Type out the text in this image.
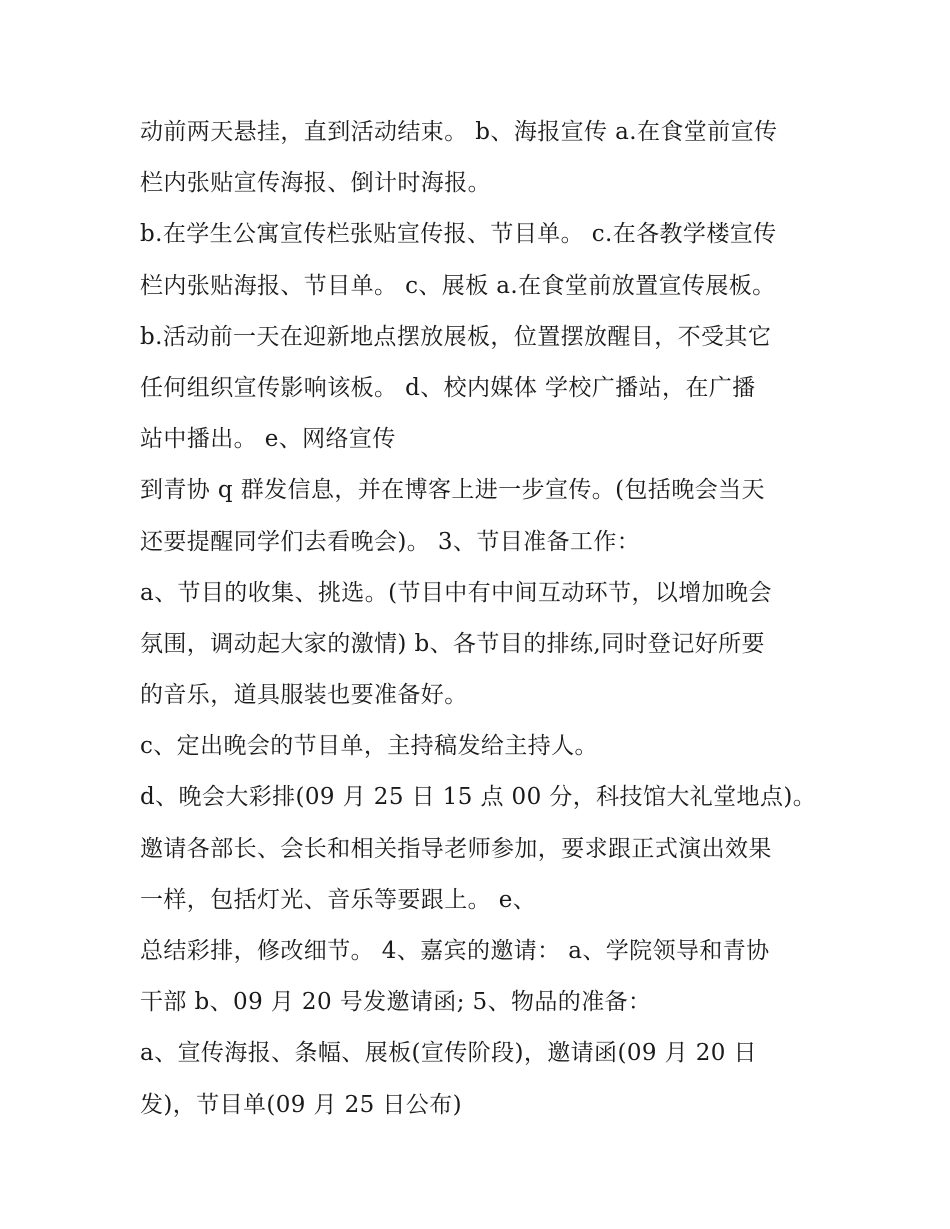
动前两天悬挂，直到活动结束。 b、海报宣传 a.在食堂前宣传
栏内张贴宣传海报、倒计时海报。
b.在学生公寓宣传栏张贴宣传报、节目单。 c.在各教学楼宣传
栏内张贴海报、节目单。 c、展板 a.在食堂前放置宣传展板。
b.活动前一天在迎新地点摆放展板，位置摆放醒目，不受其它
任何组织宣传影响该板。 d、校内媒体 学校广播站，在广播
站中播出。 e、网络宣传
到青协 q 群发信息，并在博客上进一步宣传。(包括晚会当天
还要提醒同学们去看晚会)。 3、节目准备工作：
a、节目的收集、挑选。(节目中有中间互动环节，以增加晚会
氛围，调动起大家的激情) b、各节目的排练,同时登记好所要
的音乐，道具服装也要准备好。
c、定出晚会的节目单，主持稿发给主持人。
d、晚会大彩排(09 月 25 日 15 点 00 分，科技馆大礼堂地点)。
邀请各部长、会长和相关指导老师参加，要求跟正式演出效果
一样，包括灯光、音乐等要跟上。 e、
总结彩排，修改细节。 4、嘉宾的邀请： a、学院领导和青协
干部 b、09 月 20 号发邀请函; 5、物品的准备：
a、宣传海报、条幅、展板(宣传阶段)，邀请函(09 月 20 日
发)，节目单(09 月 25 日公布)
